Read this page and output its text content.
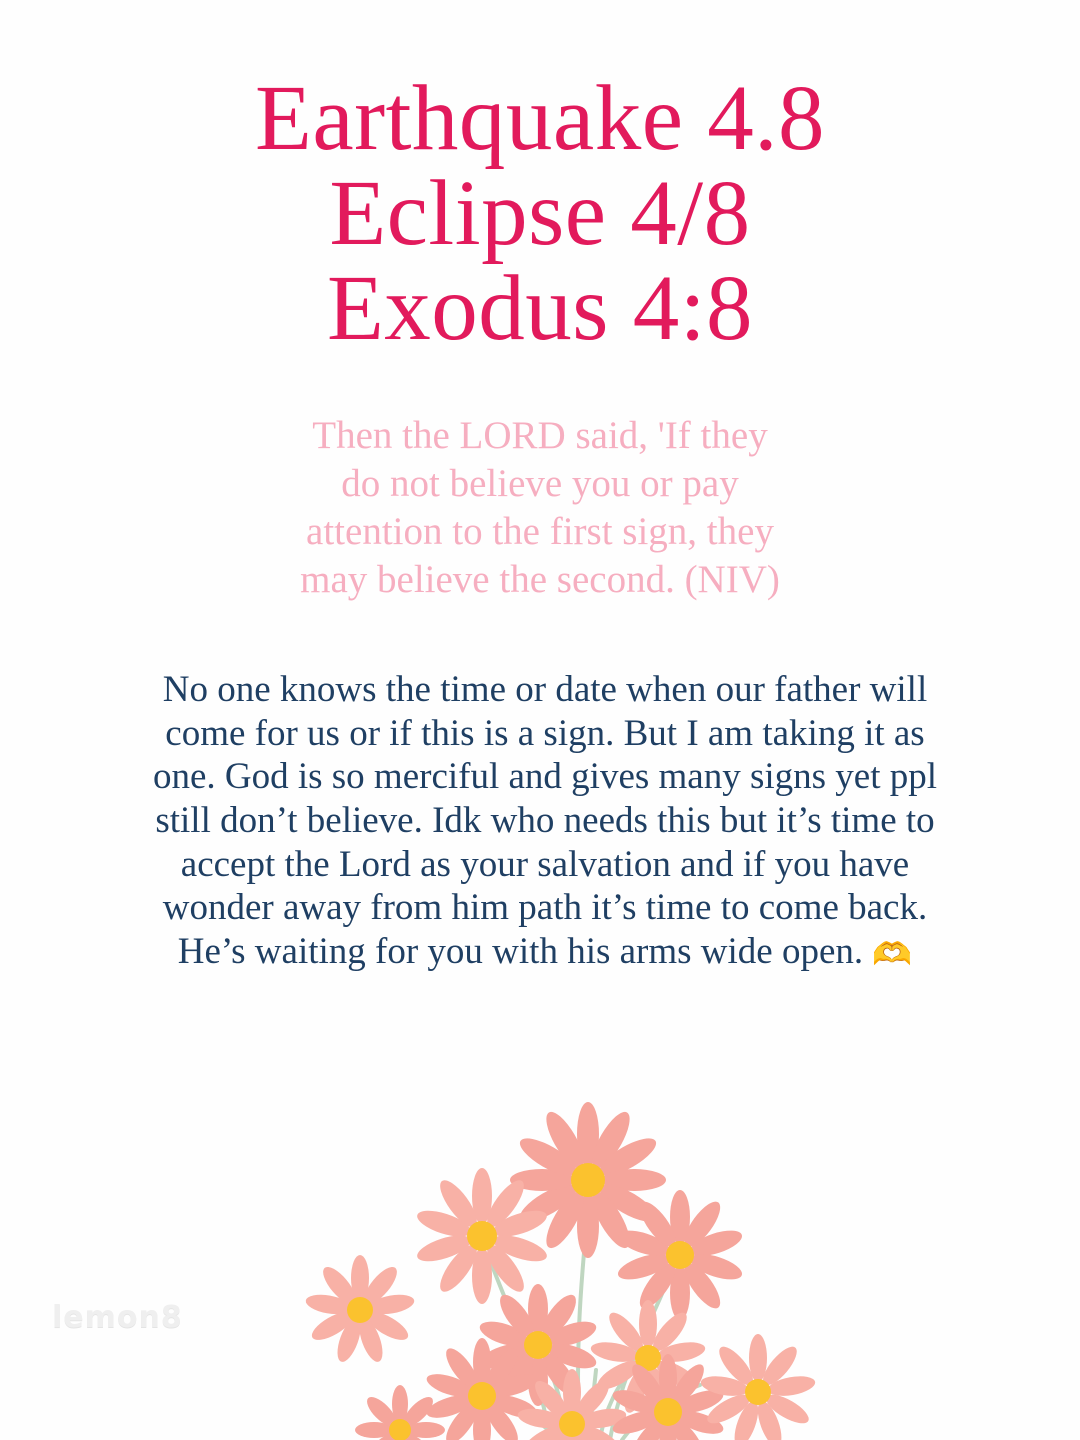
Earthquake 4.8
Eclipse 4/8
Exodus 4:8
Then the LORD said, 'If they do not believe you or pay attention to the first sign, they may believe the second. (NIV)
No one knows the time or date when our father will come for us or if this is a sign. But I am taking it as one. God is so merciful and gives many signs yet ppl still don’t believe. Idk who needs this but it’s time to accept the Lord as your salvation and if you have wonder away from him path it’s time to come back. He’s waiting for you with his arms wide open. 🫶
lemon8
